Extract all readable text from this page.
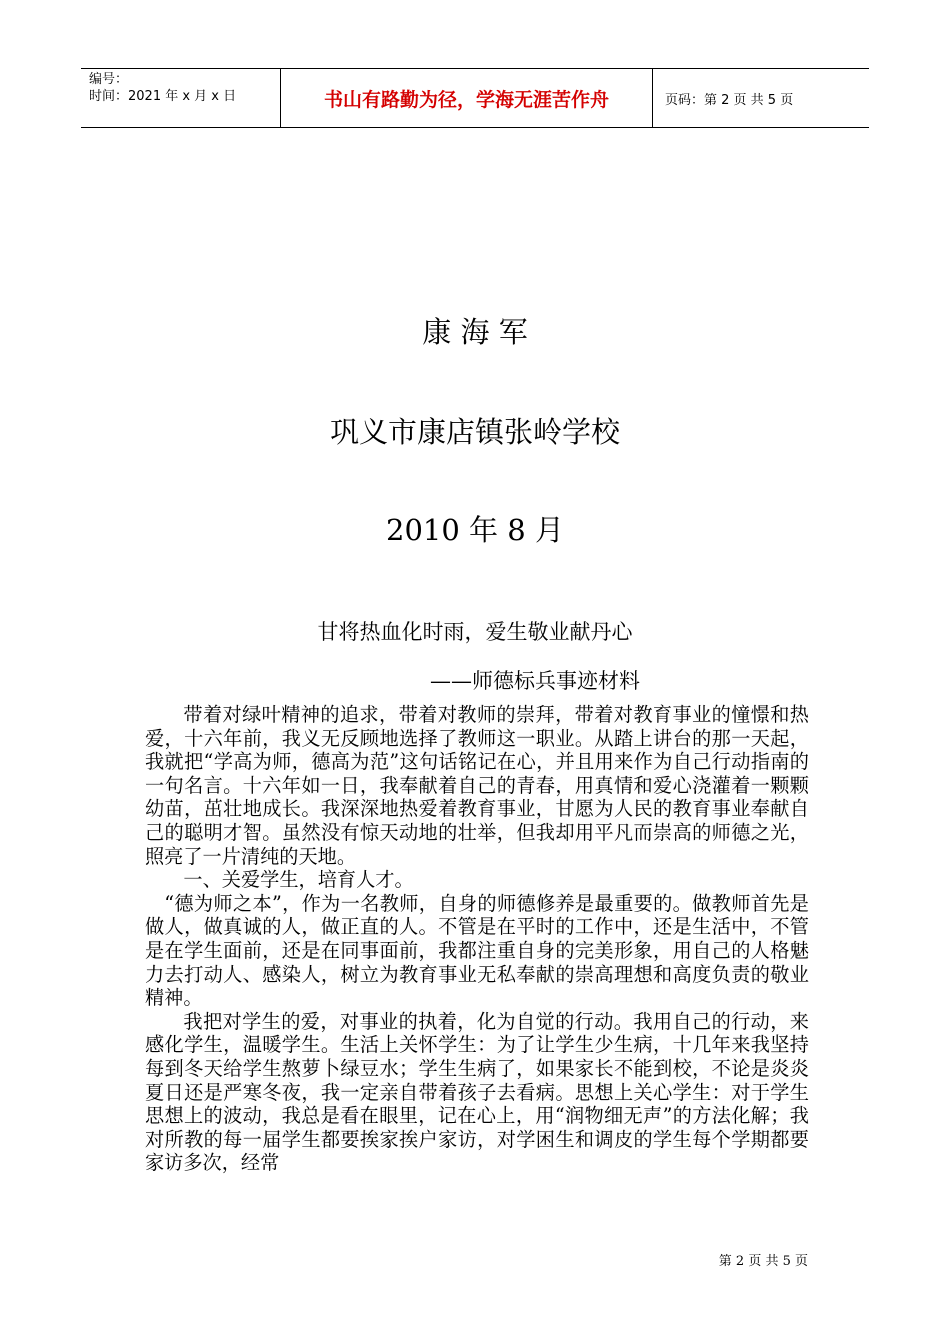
编号：
时间：2021 年 x 月 x 日	书山有路勤为径，学海无涯苦作舟	页码：第 2 页 共 5 页
康 海 军
巩义市康店镇张岭学校
2010 年 8 月
甘将热血化时雨，爱生敬业献丹心
——师德标兵事迹材料

带着对绿叶精神的追求，带着对教师的崇拜，带着对教育事业的憧憬和热爱，十六年前，我义无反顾地选择了教师这一职业。从踏上讲台的那一天起，我就把“学高为师，德高为范”这句话铭记在心，并且用来作为自己行动指南的一句名言。十六年如一日，我奉献着自己的青春，用真情和爱心浇灌着一颗颗幼苗，茁壮地成长。我深深地热爱着教育事业，甘愿为人民的教育事业奉献自己的聪明才智。虽然没有惊天动地的壮举，但我却用平凡而崇高的师德之光，照亮了一片清纯的天地。

一、关爱学生，培育人才。

“德为师之本”，作为一名教师，自身的师德修养是最重要的。做教师首先是做人，做真诚的人，做正直的人。不管是在平时的工作中，还是生活中，不管是在学生面前，还是在同事面前，我都注重自身的完美形象，用自己的人格魅力去打动人、感染人，树立为教育事业无私奉献的崇高理想和高度负责的敬业精神。

我把对学生的爱，对事业的执着，化为自觉的行动。我用自己的行动，来感化学生，温暖学生。生活上关怀学生：为了让学生少生病，十几年来我坚持每到冬天给学生熬萝卜绿豆水；学生生病了，如果家长不能到校，不论是炎炎夏日还是严寒冬夜，我一定亲自带着孩子去看病。思想上关心学生：对于学生思想上的波动，我总是看在眼里，记在心上，用“润物细无声”的方法化解；我对所教的每一届学生都要挨家挨户家访，对学困生和调皮的学生每个学期都要家访多次，经常

第 2 页 共 5 页
